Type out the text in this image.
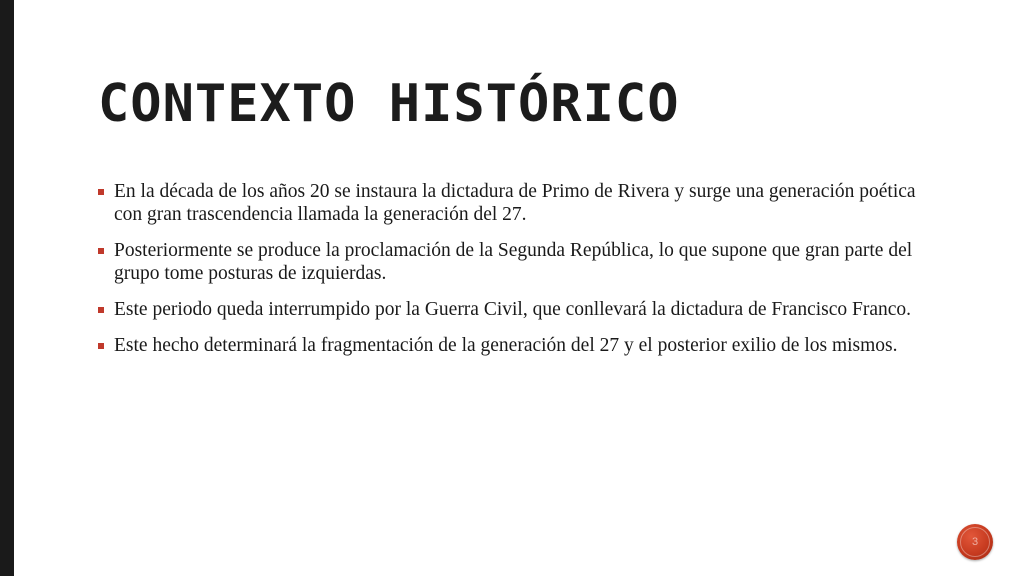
CONTEXTO HISTÓRICO
En la década de los años 20 se instaura la dictadura de Primo de Rivera y surge una generación poética con gran trascendencia llamada la generación del 27.
Posteriormente se produce la proclamación de la Segunda República, lo que supone que gran parte del grupo tome posturas de izquierdas.
Este periodo queda interrumpido por la Guerra Civil, que conllevará la dictadura de Francisco Franco.
Este hecho determinará la fragmentación de la generación del 27 y el posterior exilio de los mismos.
3
